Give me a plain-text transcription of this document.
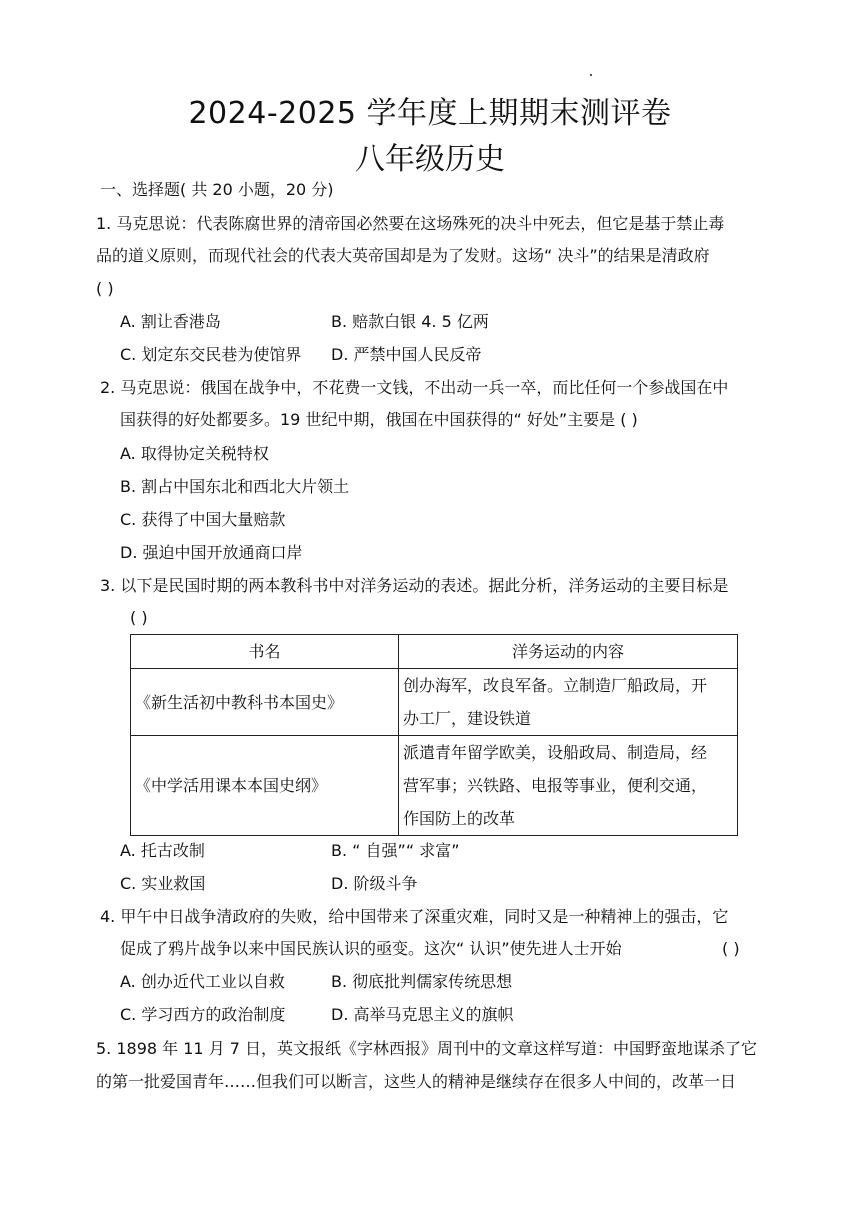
2024-2025 学年度上期期末测评卷
八年级历史
一、选择题( 共 20 小题，20 分)
1. 马克思说：代表陈腐世界的清帝国必然要在这场殊死的决斗中死去，但它是基于禁止毒
品的道义原则，而现代社会的代表大英帝国却是为了发财。这场“ 决斗”的结果是清政府
( )
A. 割让香港岛	B. 赔款白银 4. 5 亿两
C. 划定东交民巷为使馆界 D. 严禁中国人民反帝
2. 马克思说：俄国在战争中，不花费一文钱，不出动一兵一卒，而比任何一个参战国在中
国获得的好处都要多。19 世纪中期，俄国在中国获得的“ 好处”主要是 ( )
A. 取得协定关税特权
B. 割占中国东北和西北大片领土
C. 获得了中国大量赔款
D. 强迫中国开放通商口岸
3. 以下是民国时期的两本教科书中对洋务运动的表述。据此分析，洋务运动的主要目标是
( )
书名	洋务运动的内容
《新生活初中教科书本国史》	创办海军，改良军备。立制造厂船政局，开
办工厂，建设铁道

《中学活用课本本国史纲》	派遣青年留学欧美，设船政局、制造局，经
营军事；兴铁路、电报等事业，便利交通，
作国防上的改革
A. 托古改制	B. “ 自强”“ 求富”
C. 实业救国	D. 阶级斗争
4. 甲午中日战争清政府的失败，给中国带来了深重灾难，同时又是一种精神上的强击，它
促成了鸦片战争以来中国民族认识的亟变。这次“ 认识”使先进人士开始	( )
A. 创办近代工业以自救	B. 彻底批判儒家传统思想
C. 学习西方的政治制度	D. 高举马克思主义的旗帜
5. 1898 年 11 月 7 日，英文报纸《字林西报》周刊中的文章这样写道：中国野蛮地谋杀了它
的第一批爱国青年……但我们可以断言，这些人的精神是继续存在很多人中间的，改革一日
